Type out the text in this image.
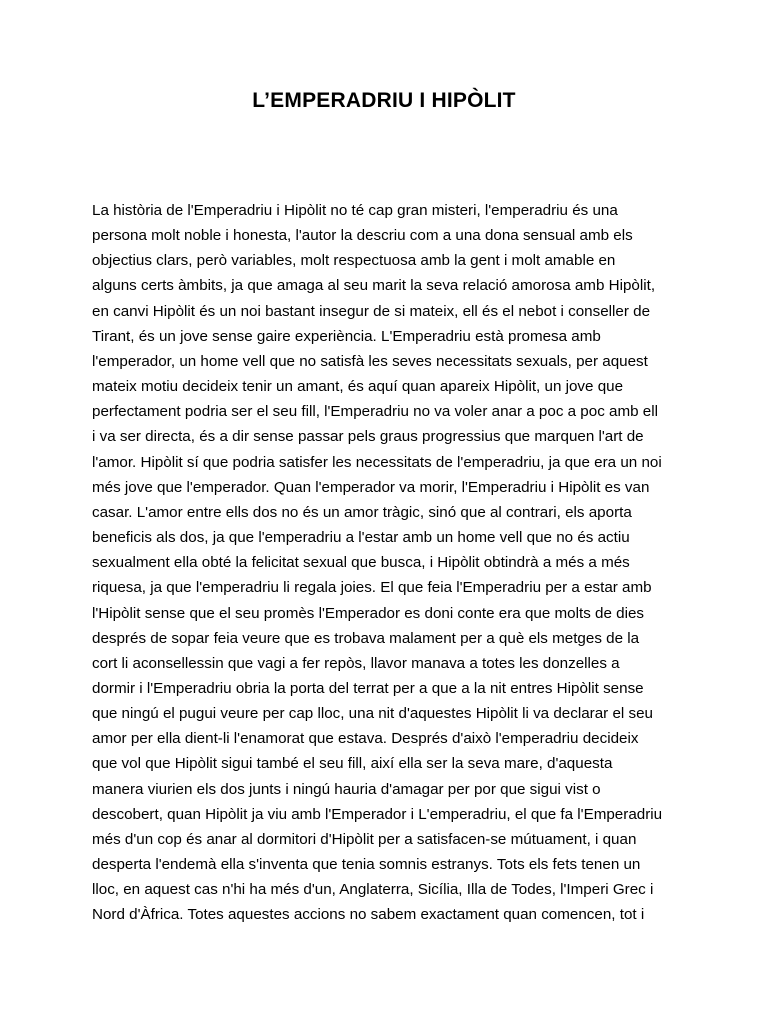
L’EMPERADRIU I HIPÒLIT
La història de l'Emperadriu i Hipòlit no té cap gran misteri, l'emperadriu és una
persona molt noble i honesta, l'autor la descriu com a una dona sensual amb els
objectius clars, però variables, molt respectuosa amb la gent i molt amable en
alguns certs àmbits, ja que amaga al seu marit la seva relació amorosa amb Hipòlit,
en canvi Hipòlit és un noi bastant insegur de si mateix, ell és el nebot i conseller de
Tirant, és un jove sense gaire experiència. L'Emperadriu està promesa amb
l'emperador, un home vell que no satisfà les seves necessitats sexuals, per aquest
mateix motiu decideix tenir un amant, és aquí quan apareix Hipòlit, un jove que
perfectament podria ser el seu fill, l'Emperadriu no va voler anar a poc a poc amb ell
i va ser directa, és a dir sense passar pels graus progressius que marquen l'art de
l'amor. Hipòlit sí que podria satisfer les necessitats de l'emperadriu, ja que era un noi
més jove que l'emperador. Quan l'emperador va morir, l'Emperadriu i Hipòlit es van
casar. L'amor entre ells dos no és un amor tràgic, sinó que al contrari, els aporta
beneficis als dos, ja que l'emperadriu a l'estar amb un home vell que no és actiu
sexualment ella obté la felicitat sexual que busca, i Hipòlit obtindrà a més a més
riquesa, ja que l'emperadriu li regala joies. El que feia l'Emperadriu per a estar amb
l'Hipòlit sense que el seu promès l'Emperador es doni conte era que molts de dies
després de sopar feia veure que es trobava malament per a què els metges de la
cort li aconsellessin que vagi a fer repòs, llavor manava a totes les donzelles a
dormir i l'Emperadriu obria la porta del terrat per a que a la nit entres Hipòlit sense
que ningú el pugui veure per cap lloc, una nit d'aquestes Hipòlit li va declarar el seu
amor per ella dient-li l'enamorat que estava. Després d'això l'emperadriu decideix
que vol que Hipòlit sigui també el seu fill, així ella ser la seva mare, d'aquesta
manera viurien els dos junts i ningú hauria d'amagar per por que sigui vist o
descobert, quan Hipòlit ja viu amb l'Emperador i L'emperadriu, el que fa l'Emperadriu
més d'un cop és anar al dormitori d'Hipòlit per a satisfacen-se mútuament, i quan
desperta l'endemà ella s'inventa que tenia somnis estranys. Tots els fets tenen un
lloc, en aquest cas n'hi ha més d'un, Anglaterra, Sicília, Illa de Todes, l'Imperi Grec i
Nord d'Àfrica. Totes aquestes accions no sabem exactament quan comencen, tot i
